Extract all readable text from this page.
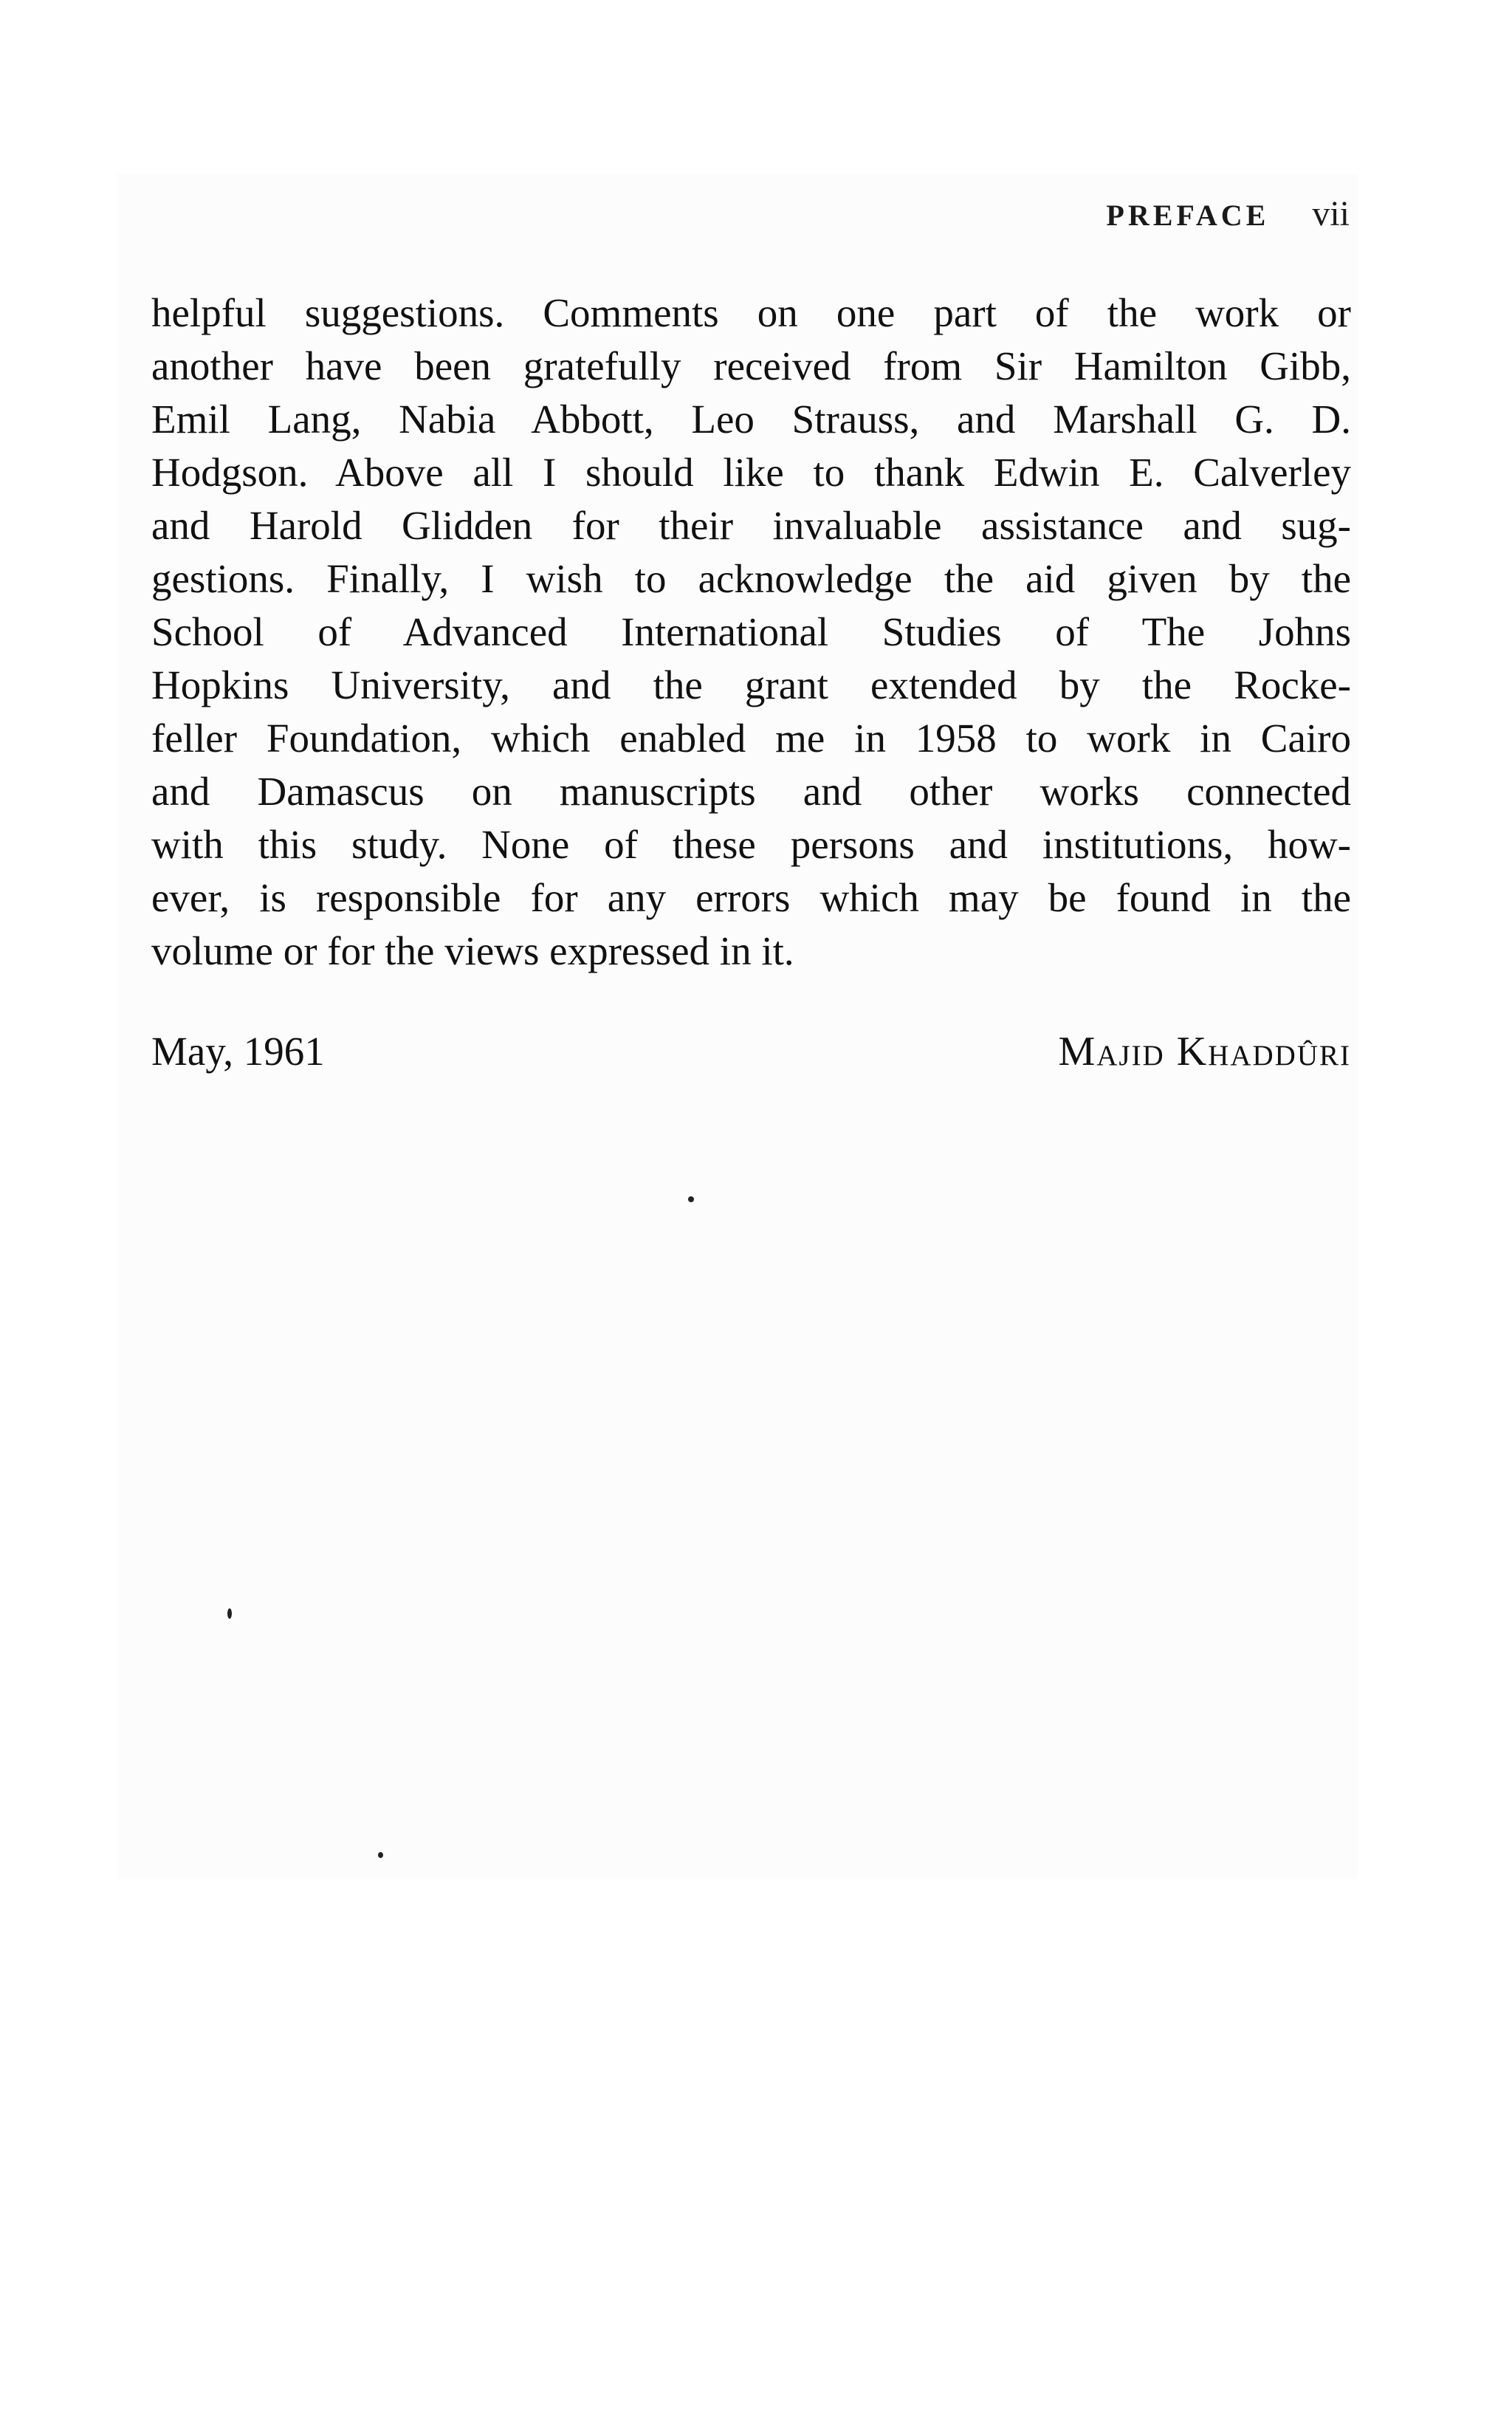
PREFACE vii

helpful suggestions. Comments on one part of the work or
another have been gratefully received from Sir Hamilton Gibb,
Emil Lang, Nabia Abbott, Leo Strauss, and Marshall G. D.
Hodgson. Above all I should like to thank Edwin E. Calverley
and Harold Glidden for their invaluable assistance and sug-
gestions. Finally, I wish to acknowledge the aid given by the
School of Advanced International Studies of The Johns
Hopkins University, and the grant extended by the Rocke-
feller Foundation, which enabled me in 1958 to work in Cairo
and Damascus on manuscripts and other works connected
with this study. None of these persons and institutions, how-
ever, is responsible for any errors which may be found in the
volume or for the views expressed in it.

May, 1961	Majid Khaddûri
